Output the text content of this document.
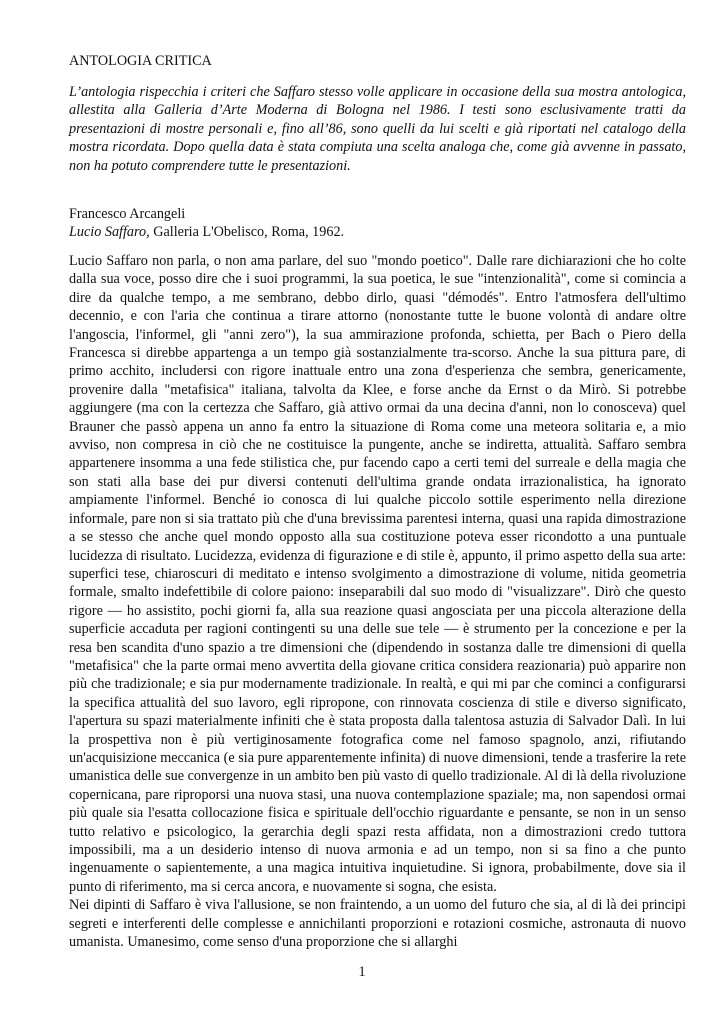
ANTOLOGIA CRITICA
L’antologia rispecchia i criteri che Saffaro stesso volle applicare in occasione della sua mostra antologica, allestita alla Galleria d’Arte Moderna di Bologna nel 1986. I testi sono esclusivamente tratti da presentazioni di mostre personali e, fino all’86, sono quelli da lui scelti e già riportati nel catalogo della mostra ricordata. Dopo quella data è stata compiuta una scelta analoga che, come già avvenne in passato, non ha potuto comprendere tutte le presentazioni.
Francesco Arcangeli
Lucio Saffaro, Galleria L'Obelisco, Roma, 1962.

Lucio Saffaro non parla, o non ama parlare, del suo "mondo poetico". Dalle rare dichiarazioni che ho colte dalla sua voce, posso dire che i suoi programmi, la sua poetica, le sue "intenzionalità", come si comincia a dire da qualche tempo, a me sembrano, debbo dirlo, quasi "démodés". Entro l'atmosfera dell'ultimo decennio, e con l'aria che continua a tirare attorno (nonostante tutte le buone volontà di andare oltre l'angoscia, l'informel, gli "anni zero"), la sua ammirazione profonda, schietta, per Bach o Piero della Francesca si direbbe appartenga a un tempo già sostanzialmente tra-scorso. Anche la sua pittura pare, di primo acchito, includersi con rigore inattuale entro una zona d'esperienza che sembra, genericamente, provenire dalla "metafisica" italiana, talvolta da Klee, e forse anche da Ernst o da Mirò. Si potrebbe aggiungere (ma con la certezza che Saffaro, già attivo ormai da una decina d'anni, non lo conosceva) quel Brauner che passò appena un anno fa entro la situazione di Roma come una meteora solitaria e, a mio avviso, non compresa in ciò che ne costituisce la pungente, anche se indiretta, attualità. Saffaro sembra appartenere insomma a una fede stilistica che, pur facendo capo a certi temi del surreale e della magia che son stati alla base dei pur diversi contenuti dell'ultima grande ondata irrazionalistica, ha ignorato ampiamente l'informel. Benché io conosca di lui qualche piccolo sottile esperimento nella direzione informale, pare non si sia trattato più che d'una brevissima parentesi interna, quasi una rapida dimostrazione a se stesso che anche quel mondo opposto alla sua costituzione poteva esser ricondotto a una puntuale lucidezza di risultato. Lucidezza, evidenza di figurazione e di stile è, appunto, il primo aspetto della sua arte: superfici tese, chiaroscuri di meditato e intenso svolgimento a dimostrazione di volume, nitida geometria formale, smalto indefettibile di colore paiono: inseparabili dal suo modo di "visualizzare". Dirò che questo rigore — ho assistito, pochi giorni fa, alla sua reazione quasi angosciata per una piccola alterazione della superficie accaduta per ragioni contingenti su una delle sue tele — è strumento per la concezione e per la resa ben scandita d'uno spazio a tre dimensioni che (dipendendo in sostanza dalle tre dimensioni di quella "metafisica" che la parte ormai meno avvertita della giovane critica considera reazionaria) può apparire non più che tradizionale; e sia pur modernamente tradizionale. In realtà, e qui mi par che cominci a configurarsi la specifica attualità del suo lavoro, egli ripropone, con rinnovata coscienza di stile e diverso significato, l'apertura su spazi materialmente infiniti che è stata proposta dalla talentosa astuzia di Salvador Dalì. In lui la prospettiva non è più vertiginosamente fotografica come nel famoso spagnolo, anzi, rifiutando un'acquisizione meccanica (e sia pure apparentemente infinita) di nuove dimensioni, tende a trasferire la rete umanistica delle sue convergenze in un ambito ben più vasto di quello tradizionale. Al di là della rivoluzione copernicana, pare riproporsi una nuova stasi, una nuova contemplazione spaziale; ma, non sapendosi ormai più quale sia l'esatta collocazione fisica e spirituale dell'occhio riguardante e pensante, se non in un senso tutto relativo e psicologico, la gerarchia degli spazi resta affidata, non a dimostrazioni credo tuttora impossibili, ma a un desiderio intenso di nuova armonia e ad un tempo, non si sa fino a che punto ingenuamente o sapientemente, a una magica intuitiva inquietudine. Si ignora, probabilmente, dove sia il punto di riferimento, ma si cerca ancora, e nuovamente si sogna, che esista.

Nei dipinti di Saffaro è viva l'allusione, se non fraintendo, a un uomo del futuro che sia, al di là dei principi segreti e interferenti delle complesse e annichilanti proporzioni e rotazioni cosmiche, astronauta di nuovo umanista. Umanesimo, come senso d'una proporzione che si allarghi

1
